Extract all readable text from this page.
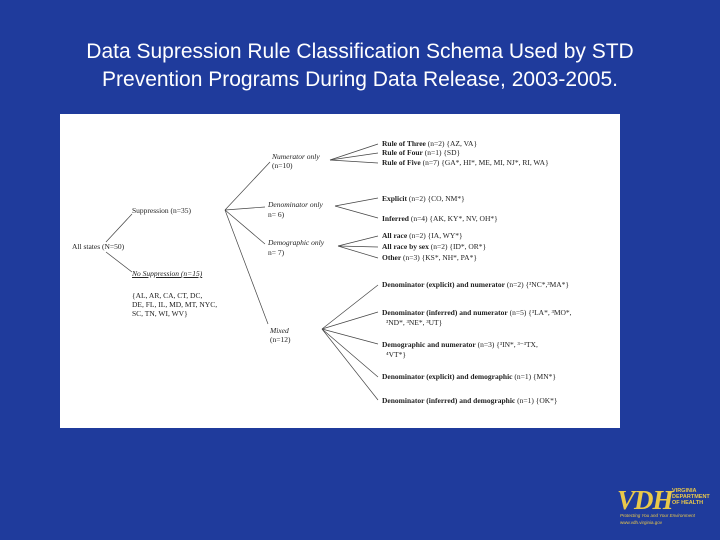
Data Supression Rule Classification Schema Used by STD
Prevention Programs During Data Release, 2003-2005.
All states (N=50)
Suppression (n=35)
No Suppression (n=15)
{AL, AR, CA, CT, DC,
DE, FL, IL, MD, MT, NYC,
SC, TN, WI, WV}
Numerator only
(n=10)
Denominator only
n= 6)
Demographic only
n= 7)
Mixed
(n=12)
Rule of Three (n=2) {AZ, VA}
Rule of Four (n=1) {SD}
Rule of Five (n=7) {GA*, HI*, ME, MI, NJ*, RI, WA}
Explicit (n=2) {CO, NM*}
Inferred (n=4) {AK, KY*, NV, OH*}
All race (n=2) {IA, WY*}
All race by sex (n=2) {ID*, OR*}
Other (n=3) {KS*, NH*, PA*}
Denominator (explicit) and numerator (n=2) {³NC*,³MA*}
Denominator (inferred) and numerator (n=5) {³LA*, ³MO*,
³ND*, ³NE*, ³UT}
Demographic and numerator (n=3) {³IN*, ³⁻³TX,
⁴VT*}
Denominator (explicit) and demographic (n=1) {MN*}
Denominator (inferred) and demographic (n=1) {OK*}
VDH VIRGINIA
DEPARTMENT
OF HEALTH
Protecting You and Your Environment
www.vdh.virginia.gov
